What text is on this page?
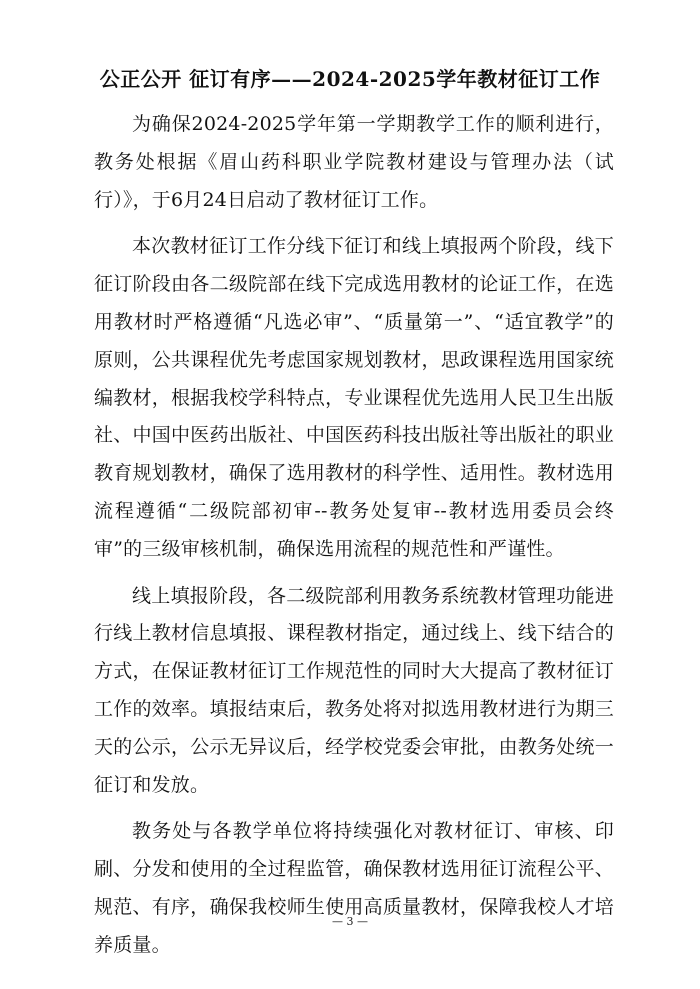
公正公开 征订有序——2024-2025学年教材征订工作

为确保2024-2025学年第一学期教学工作的顺利进行，教务处根据《眉山药科职业学院教材建设与管理办法（试行）》，于6月24日启动了教材征订工作。

本次教材征订工作分线下征订和线上填报两个阶段，线下征订阶段由各二级院部在线下完成选用教材的论证工作，在选用教材时严格遵循“凡选必审”、“质量第一”、“适宜教学”的原则，公共课程优先考虑国家规划教材，思政课程选用国家统编教材，根据我校学科特点，专业课程优先选用人民卫生出版社、中国中医药出版社、中国医药科技出版社等出版社的职业教育规划教材，确保了选用教材的科学性、适用性。教材选用流程遵循“二级院部初审--教务处复审--教材选用委员会终审”的三级审核机制，确保选用流程的规范性和严谨性。

线上填报阶段，各二级院部利用教务系统教材管理功能进行线上教材信息填报、课程教材指定，通过线上、线下结合的方式，在保证教材征订工作规范性的同时大大提高了教材征订工作的效率。填报结束后，教务处将对拟选用教材进行为期三天的公示，公示无异议后，经学校党委会审批，由教务处统一征订和发放。

教务处与各教学单位将持续强化对教材征订、审核、印刷、分发和使用的全过程监管，确保教材选用征订流程公平、规范、有序，确保我校师生使用高质量教材，保障我校人才培养质量。

— 3 —
